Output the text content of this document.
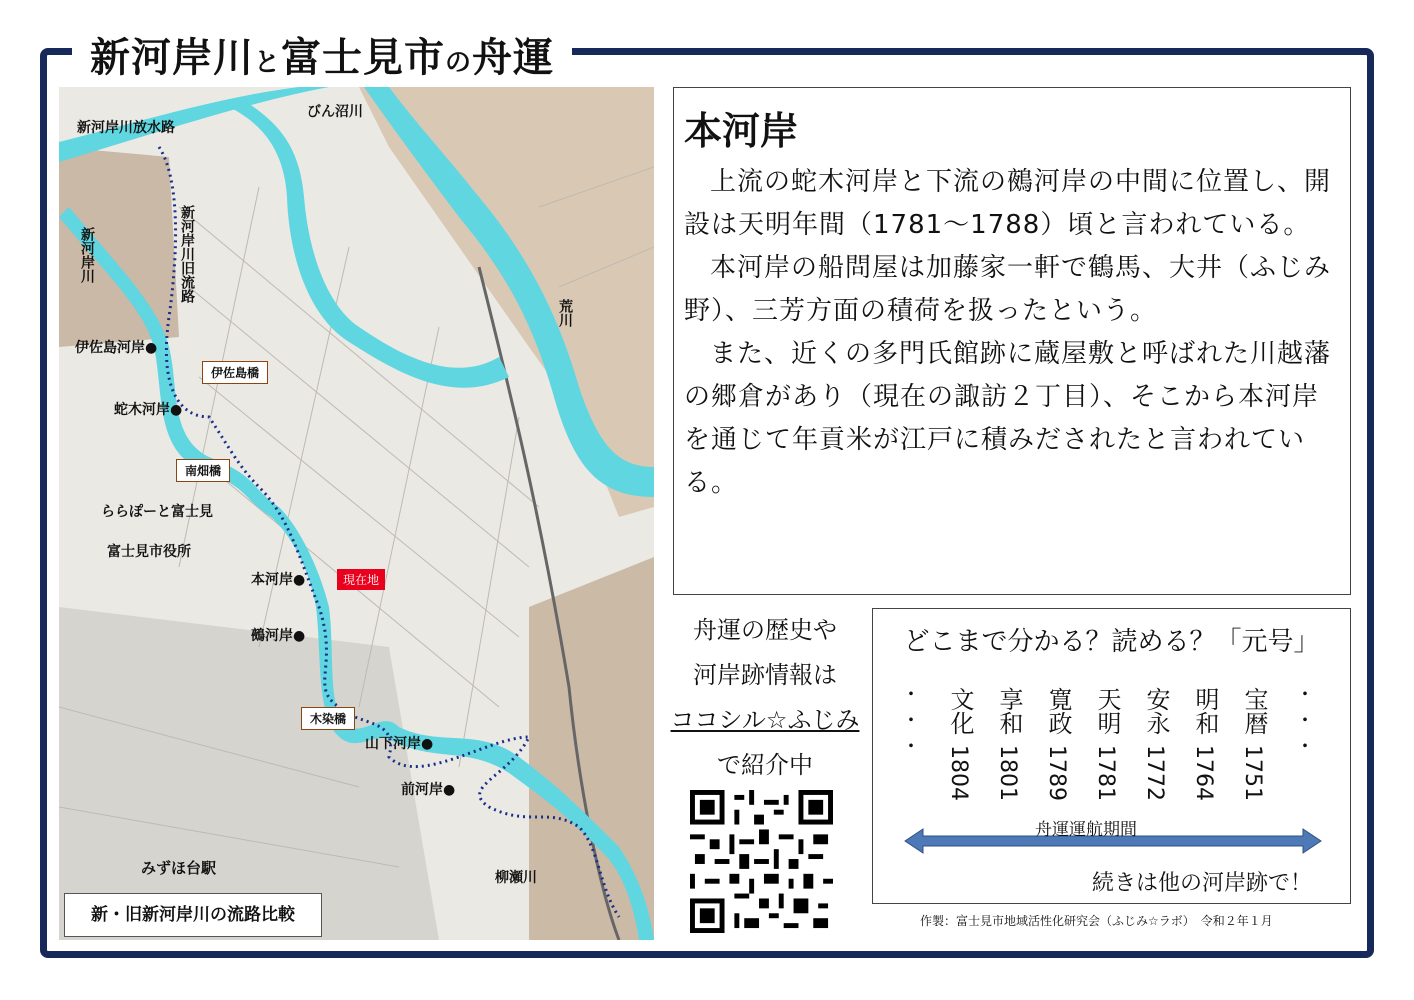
新河岸川と富士見市の舟運
新河岸川放水路
びん沼川
新河岸川旧流路
新河岸川
荒川
伊佐島河岸●
蛇木河岸●
ららぽーと富士見
富士見市役所
本河岸●
鵺河岸●
山下河岸●
前河岸●
みずほ台駅
柳瀬川
伊佐島橋
南畑橋
木染橋
現在地
新・旧新河岸川の流路比較
本河岸

上流の蛇木河岸と下流の鵺河岸の中間に位置し、開設は天明年間（1781～1788）頃と言われている。

本河岸の船問屋は加藤家一軒で鶴馬、大井（ふじみ野）、三芳方面の積荷を扱ったという。

また、近くの多門氏館跡に蔵屋敷と呼ばれた川越藩の郷倉があり（現在の諏訪２丁目）、そこから本河岸を通じて年貢米が江戸に積みだされたと言われている。

舟運の歴史や
河岸跡情報は
ココシル☆ふじみ
で紹介中
どこまで分かる？読める？「元号」
・
・
・
・
・
・
文化
1804
享和
1801
寛政
1789
天明
1781
安永
1772
明和
1764
宝暦
1751
舟運運航期間
続きは他の河岸跡で！
作製：富士見市地域活性化研究会（ふじみ☆ラボ）　令和２年１月
